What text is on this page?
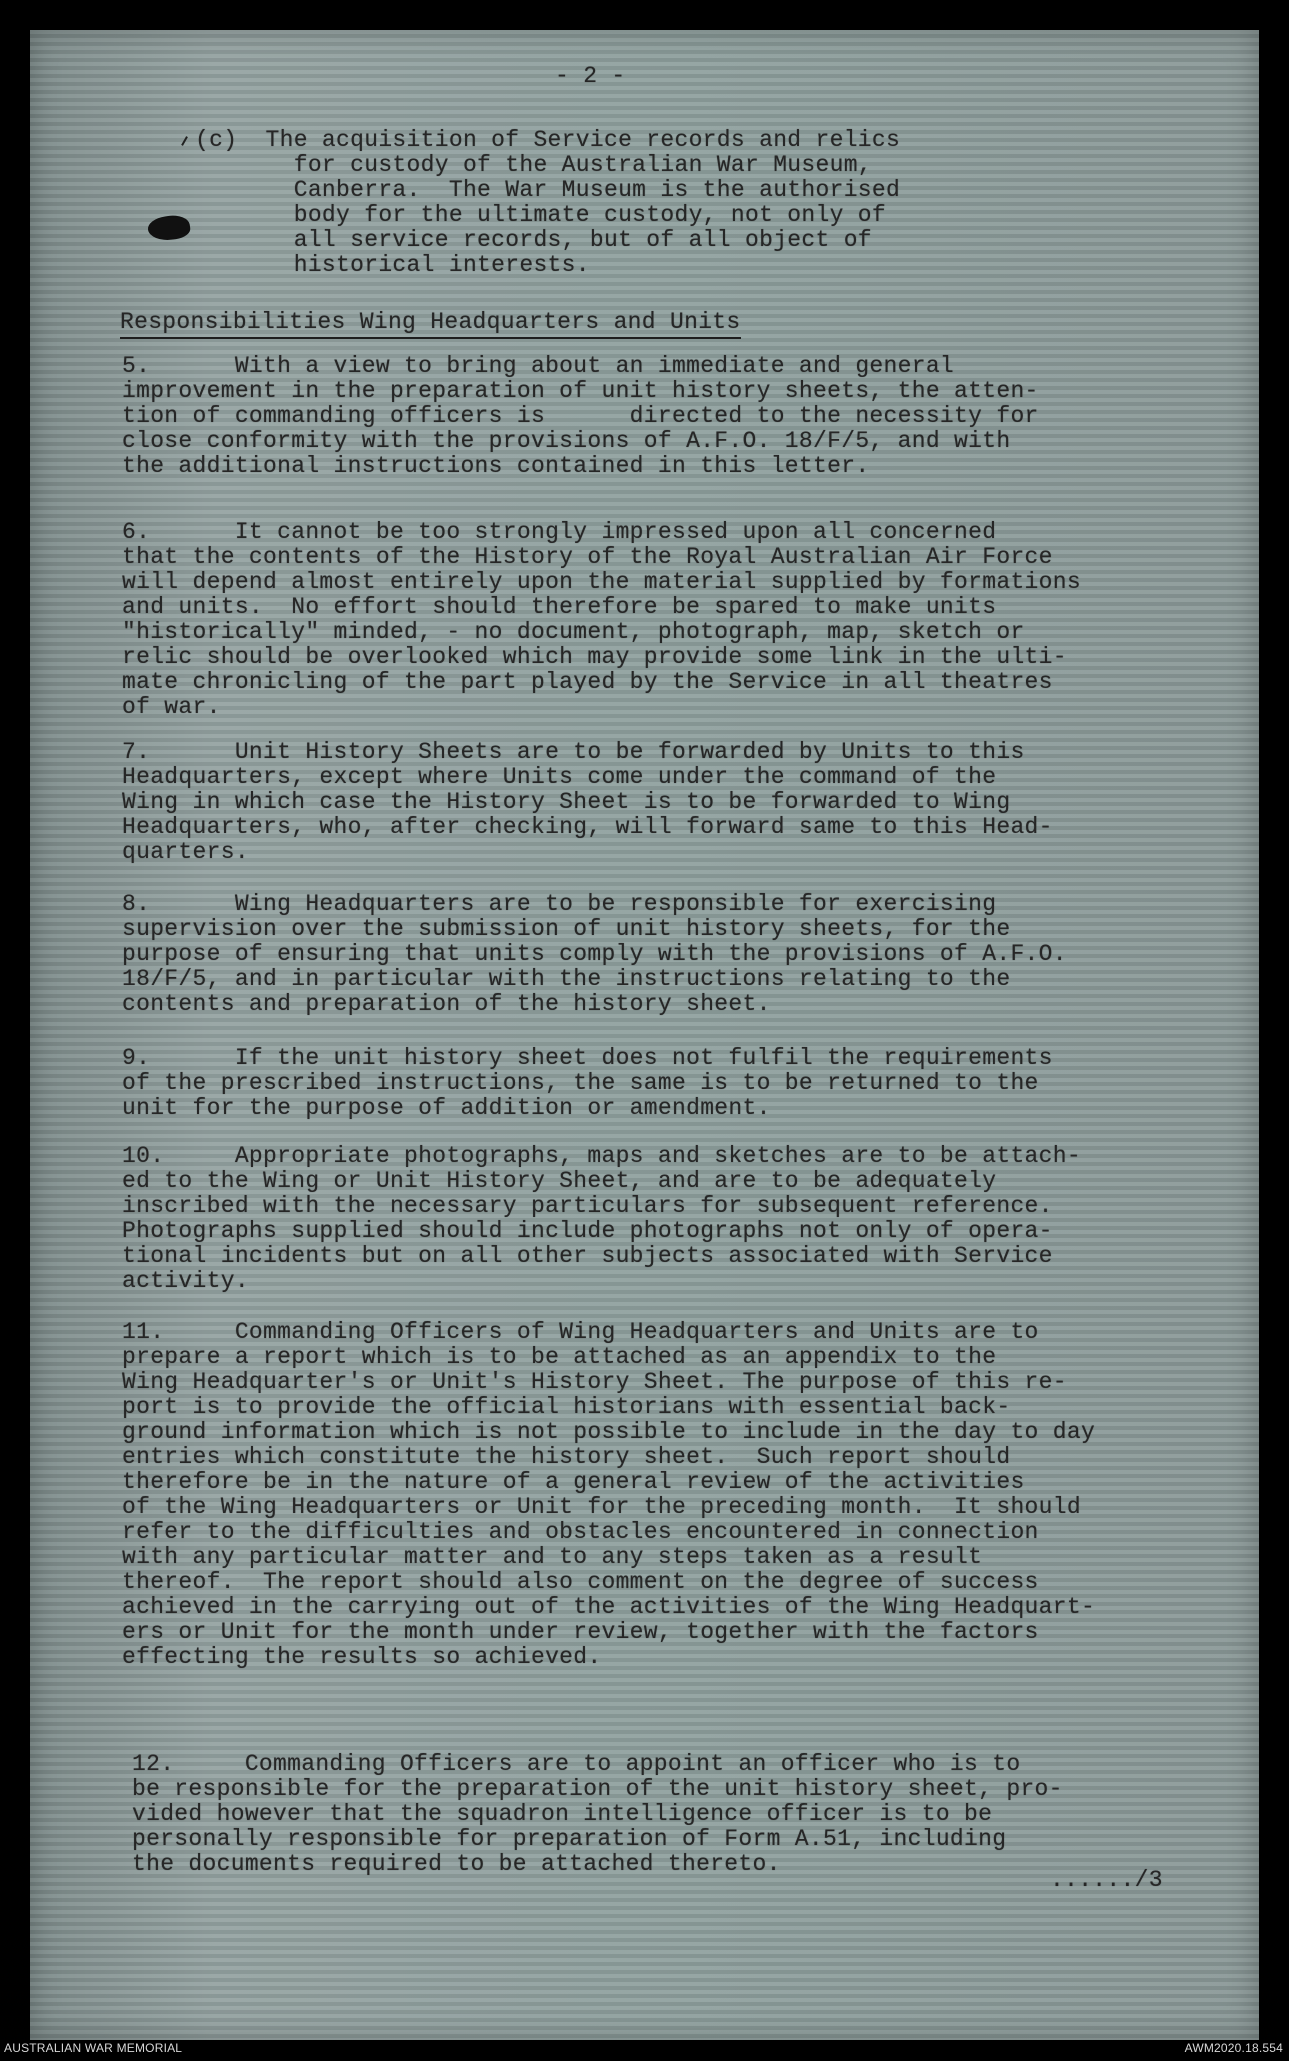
- 2 -
(c)  The acquisition of Service records and relics
for custody of the Australian War Museum,
Canberra.  The War Museum is the authorised
body for the ultimate custody, not only of
all service records, but of all object of
historical interests.
Responsibilities Wing Headquarters and Units
5.      With a view to bring about an immediate and general
improvement in the preparation of unit history sheets, the atten-
tion of commanding officers is      directed to the necessity for
close conformity with the provisions of A.F.O. 18/F/5, and with
the additional instructions contained in this letter.
6.      It cannot be too strongly impressed upon all concerned
that the contents of the History of the Royal Australian Air Force
will depend almost entirely upon the material supplied by formations
and units.  No effort should therefore be spared to make units
"historically" minded, - no document, photograph, map, sketch or
relic should be overlooked which may provide some link in the ulti-
mate chronicling of the part played by the Service in all theatres
of war.
7.      Unit History Sheets are to be forwarded by Units to this
Headquarters, except where Units come under the command of the
Wing in which case the History Sheet is to be forwarded to Wing
Headquarters, who, after checking, will forward same to this Head-
quarters.
8.      Wing Headquarters are to be responsible for exercising
supervision over the submission of unit history sheets, for the
purpose of ensuring that units comply with the provisions of A.F.O.
18/F/5, and in particular with the instructions relating to the
contents and preparation of the history sheet.
9.      If the unit history sheet does not fulfil the requirements
of the prescribed instructions, the same is to be returned to the
unit for the purpose of addition or amendment.
10.     Appropriate photographs, maps and sketches are to be attach-
ed to the Wing or Unit History Sheet, and are to be adequately
inscribed with the necessary particulars for subsequent reference.
Photographs supplied should include photographs not only of opera-
tional incidents but on all other subjects associated with Service
activity.
11.     Commanding Officers of Wing Headquarters and Units are to
prepare a report which is to be attached as an appendix to the
Wing Headquarter's or Unit's History Sheet. The purpose of this re-
port is to provide the official historians with essential back-
ground information which is not possible to include in the day to day
entries which constitute the history sheet.  Such report should
therefore be in the nature of a general review of the activities
of the Wing Headquarters or Unit for the preceding month.  It should
refer to the difficulties and obstacles encountered in connection
with any particular matter and to any steps taken as a result
thereof.  The report should also comment on the degree of success
achieved in the carrying out of the activities of the Wing Headquart-
ers or Unit for the month under review, together with the factors
effecting the results so achieved.
12.     Commanding Officers are to appoint an officer who is to
be responsible for the preparation of the unit history sheet, pro-
vided however that the squadron intelligence officer is to be
personally responsible for preparation of Form A.51, including
the documents required to be attached thereto.
....../3
AUSTRALIAN WAR MEMORIAL	AWM2020.18.554
